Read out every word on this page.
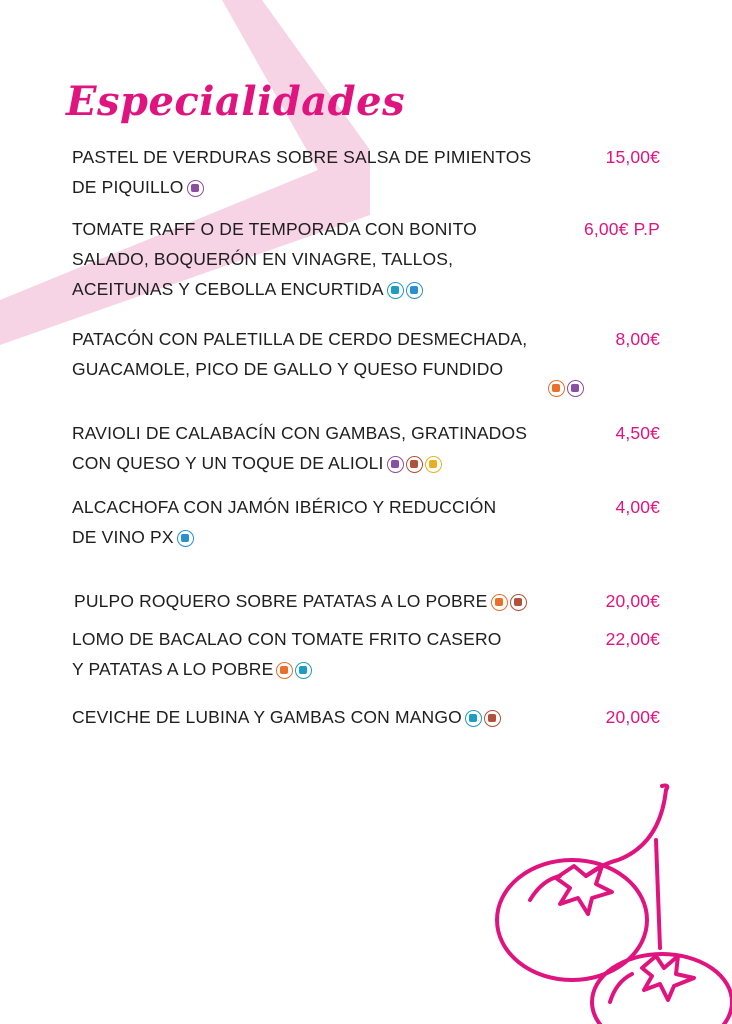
Especialidades
PASTEL DE VERDURAS SOBRE SALSA DE PIMIENTOS
DE PIQUILLO
15,00€
TOMATE RAFF O DE TEMPORADA CON BONITO
SALADO, BOQUERÓN EN VINAGRE, TALLOS,
ACEITUNAS Y CEBOLLA ENCURTIDA
6,00€ P.P
PATACÓN CON PALETILLA DE CERDO DESMECHADA,
GUACAMOLE, PICO DE GALLO Y QUESO FUNDIDO
8,00€
RAVIOLI DE CALABACÍN CON GAMBAS, GRATINADOS
CON QUESO Y UN TOQUE DE ALIOLI
4,50€
ALCACHOFA CON JAMÓN IBÉRICO Y REDUCCIÓN
DE VINO PX
4,00€
PULPO ROQUERO SOBRE PATATAS A LO POBRE	20,00€
LOMO DE BACALAO CON TOMATE FRITO CASERO
Y PATATAS A LO POBRE
22,00€
CEVICHE DE LUBINA Y GAMBAS CON MANGO	20,00€
